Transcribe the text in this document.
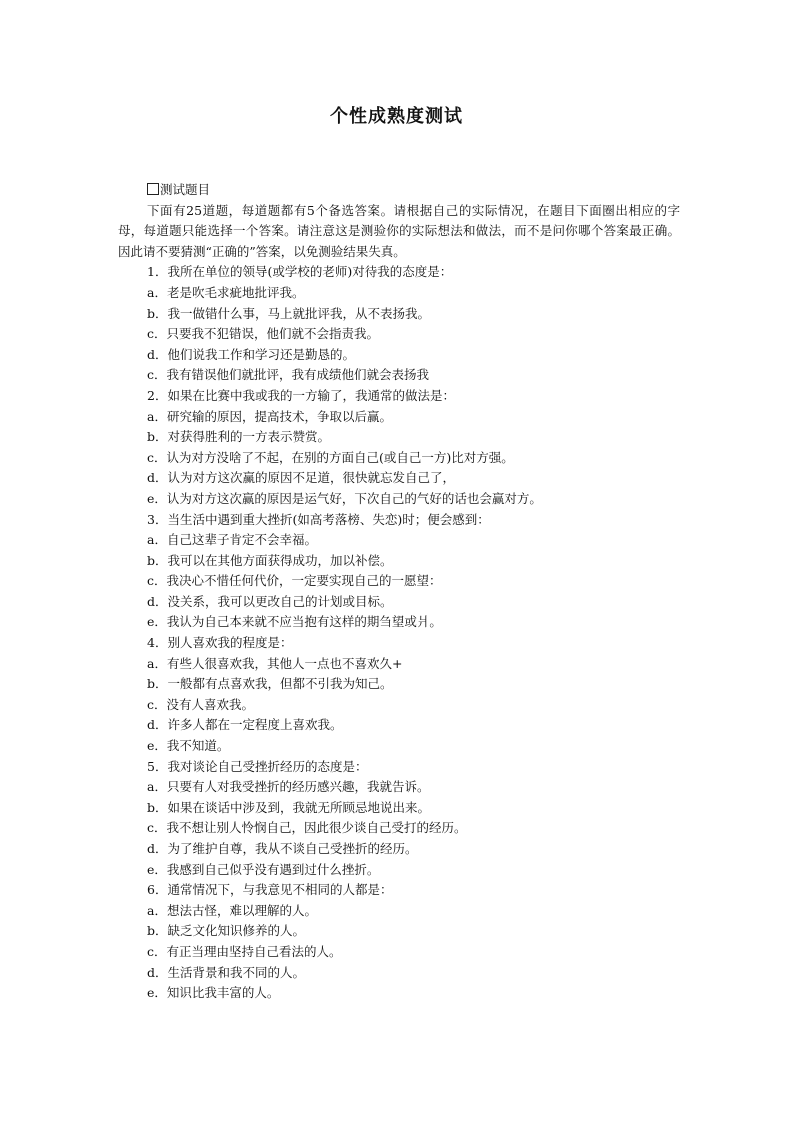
个性成熟度测试
测试题目
下面有25道题，每道题都有5个备选答案。请根据自己的实际情况，在题目下面圈出相应的字母，每道题只能选择一个答案。请注意这是测验你的实际想法和做法，而不是问你哪个答案最正确。因此请不要猜测“正确的”答案，以免测验结果失真。
1．我所在单位的领导(或学校的老师)对待我的态度是：
a．老是吹毛求疵地批评我。
b．我一做错什么事，马上就批评我，从不表扬我。
c．只要我不犯错误，他们就不会指责我。
d．他们说我工作和学习还是勤恳的。
c．我有错误他们就批评，我有成绩他们就会表扬我
2．如果在比赛中我或我的一方输了，我通常的做法是：
a．研究输的原因，提高技术，争取以后赢。
b．对获得胜利的一方表示赞赏。
c．认为对方没啥了不起，在别的方面自己(或自己一方)比对方强。
d．认为对方这次赢的原因不足道，很快就忘发自己了，
e．认为对方这次赢的原因是运气好，下次自己的气好的话也会赢对方。
3．当生活中遇到重大挫折(如高考落榜、失恋)时；便会感到：
a．自己这辈子肯定不会幸福。
b．我可以在其他方面获得成功，加以补偿。
c．我决心不惜任何代价，一定要实现自己的一愿望：
d．没关系，我可以更改自己的计划或目标。
e．我认为自己本来就不应当抱有这样的期刍望或爿。
4．别人喜欢我的程度是：
a．有些人很喜欢我，其他人一点也不喜欢久+
b．一般都有点喜欢我，但都不引我为知己。
c．没有人喜欢我。
d．许多人都在一定程度上喜欢我。
e．我不知道。
5．我对谈论自己受挫折经历的态度是：
a．只要有人对我受挫折的经历感兴趣，我就告诉。
b．如果在谈话中涉及到，我就无所顾忌地说出来。
c．我不想让别人怜悯自己，因此很少谈自己受打的经历。
d．为了维护自尊，我从不谈自己受挫折的经历。
e．我感到自己似乎没有遇到过什么挫折。
6．通常情况下，与我意见不相同的人都是：
a．想法古怪，难以理解的人。
b．缺乏文化知识修养的人。
c．有正当理由坚持自己看法的人。
d．生活背景和我不同的人。
e．知识比我丰富的人。
